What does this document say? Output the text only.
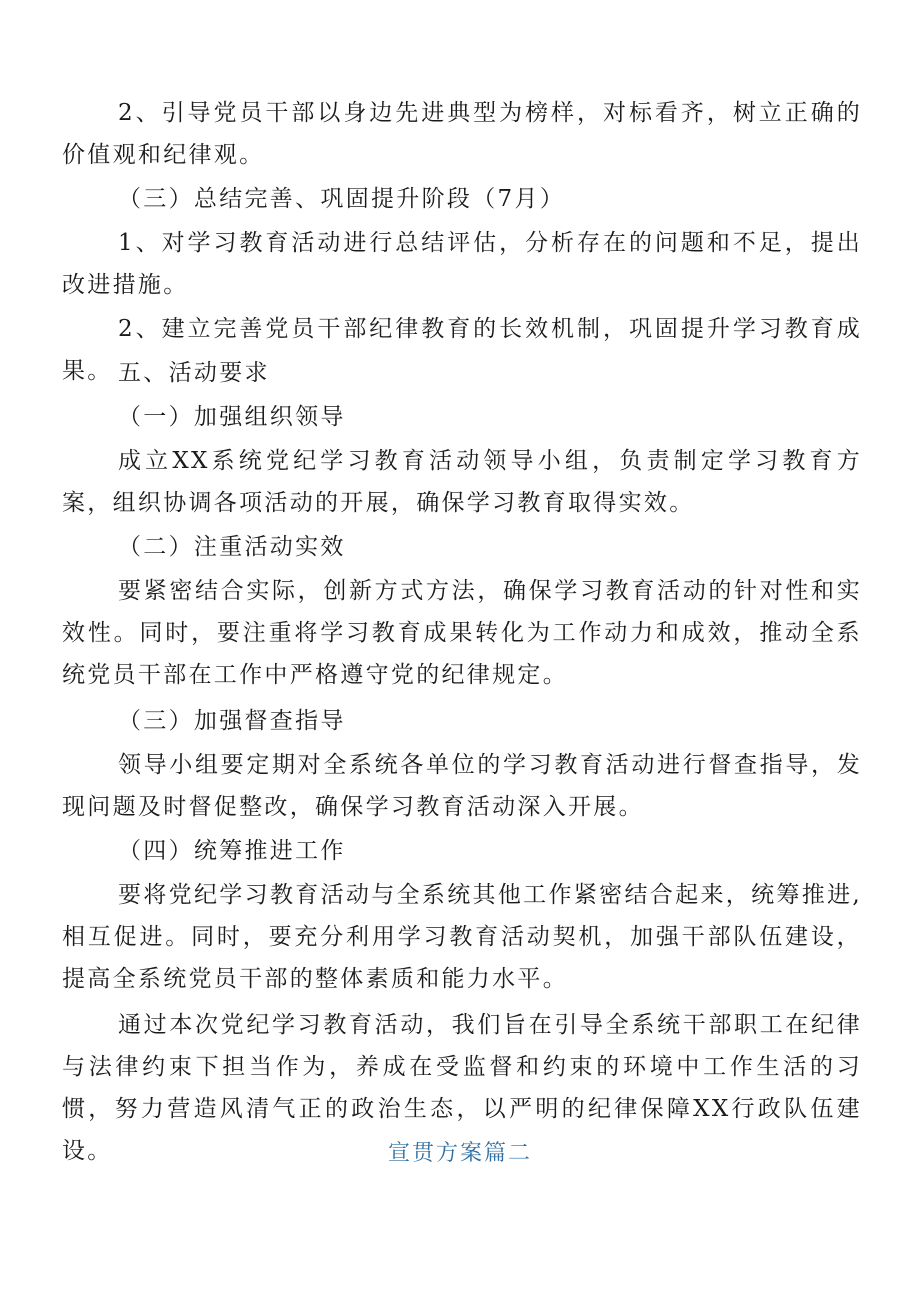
2、引导党员干部以身边先进典型为榜样，对标看齐，树立正确的价值观和纪律观。

（三）总结完善、巩固提升阶段（7月）

1、对学习教育活动进行总结评估，分析存在的问题和不足，提出改进措施。

2、建立完善党员干部纪律教育的长效机制，巩固提升学习教育成果。 五、活动要求

（一）加强组织领导

成立XX系统党纪学习教育活动领导小组，负责制定学习教育方案，组织协调各项活动的开展，确保学习教育取得实效。

（二）注重活动实效

要紧密结合实际，创新方式方法，确保学习教育活动的针对性和实效性。同时，要注重将学习教育成果转化为工作动力和成效，推动全系统党员干部在工作中严格遵守党的纪律规定。

（三）加强督查指导

领导小组要定期对全系统各单位的学习教育活动进行督查指导，发现问题及时督促整改，确保学习教育活动深入开展。

（四）统筹推进工作

要将党纪学习教育活动与全系统其他工作紧密结合起来，统筹推进,相互促进。同时，要充分利用学习教育活动契机，加强干部队伍建设，提高全系统党员干部的整体素质和能力水平。

通过本次党纪学习教育活动，我们旨在引导全系统干部职工在纪律与法律约束下担当作为，养成在受监督和约束的环境中工作生活的习惯，努力营造风清气正的政治生态，以严明的纪律保障XX行政队伍建设。	宣贯方案篇二
